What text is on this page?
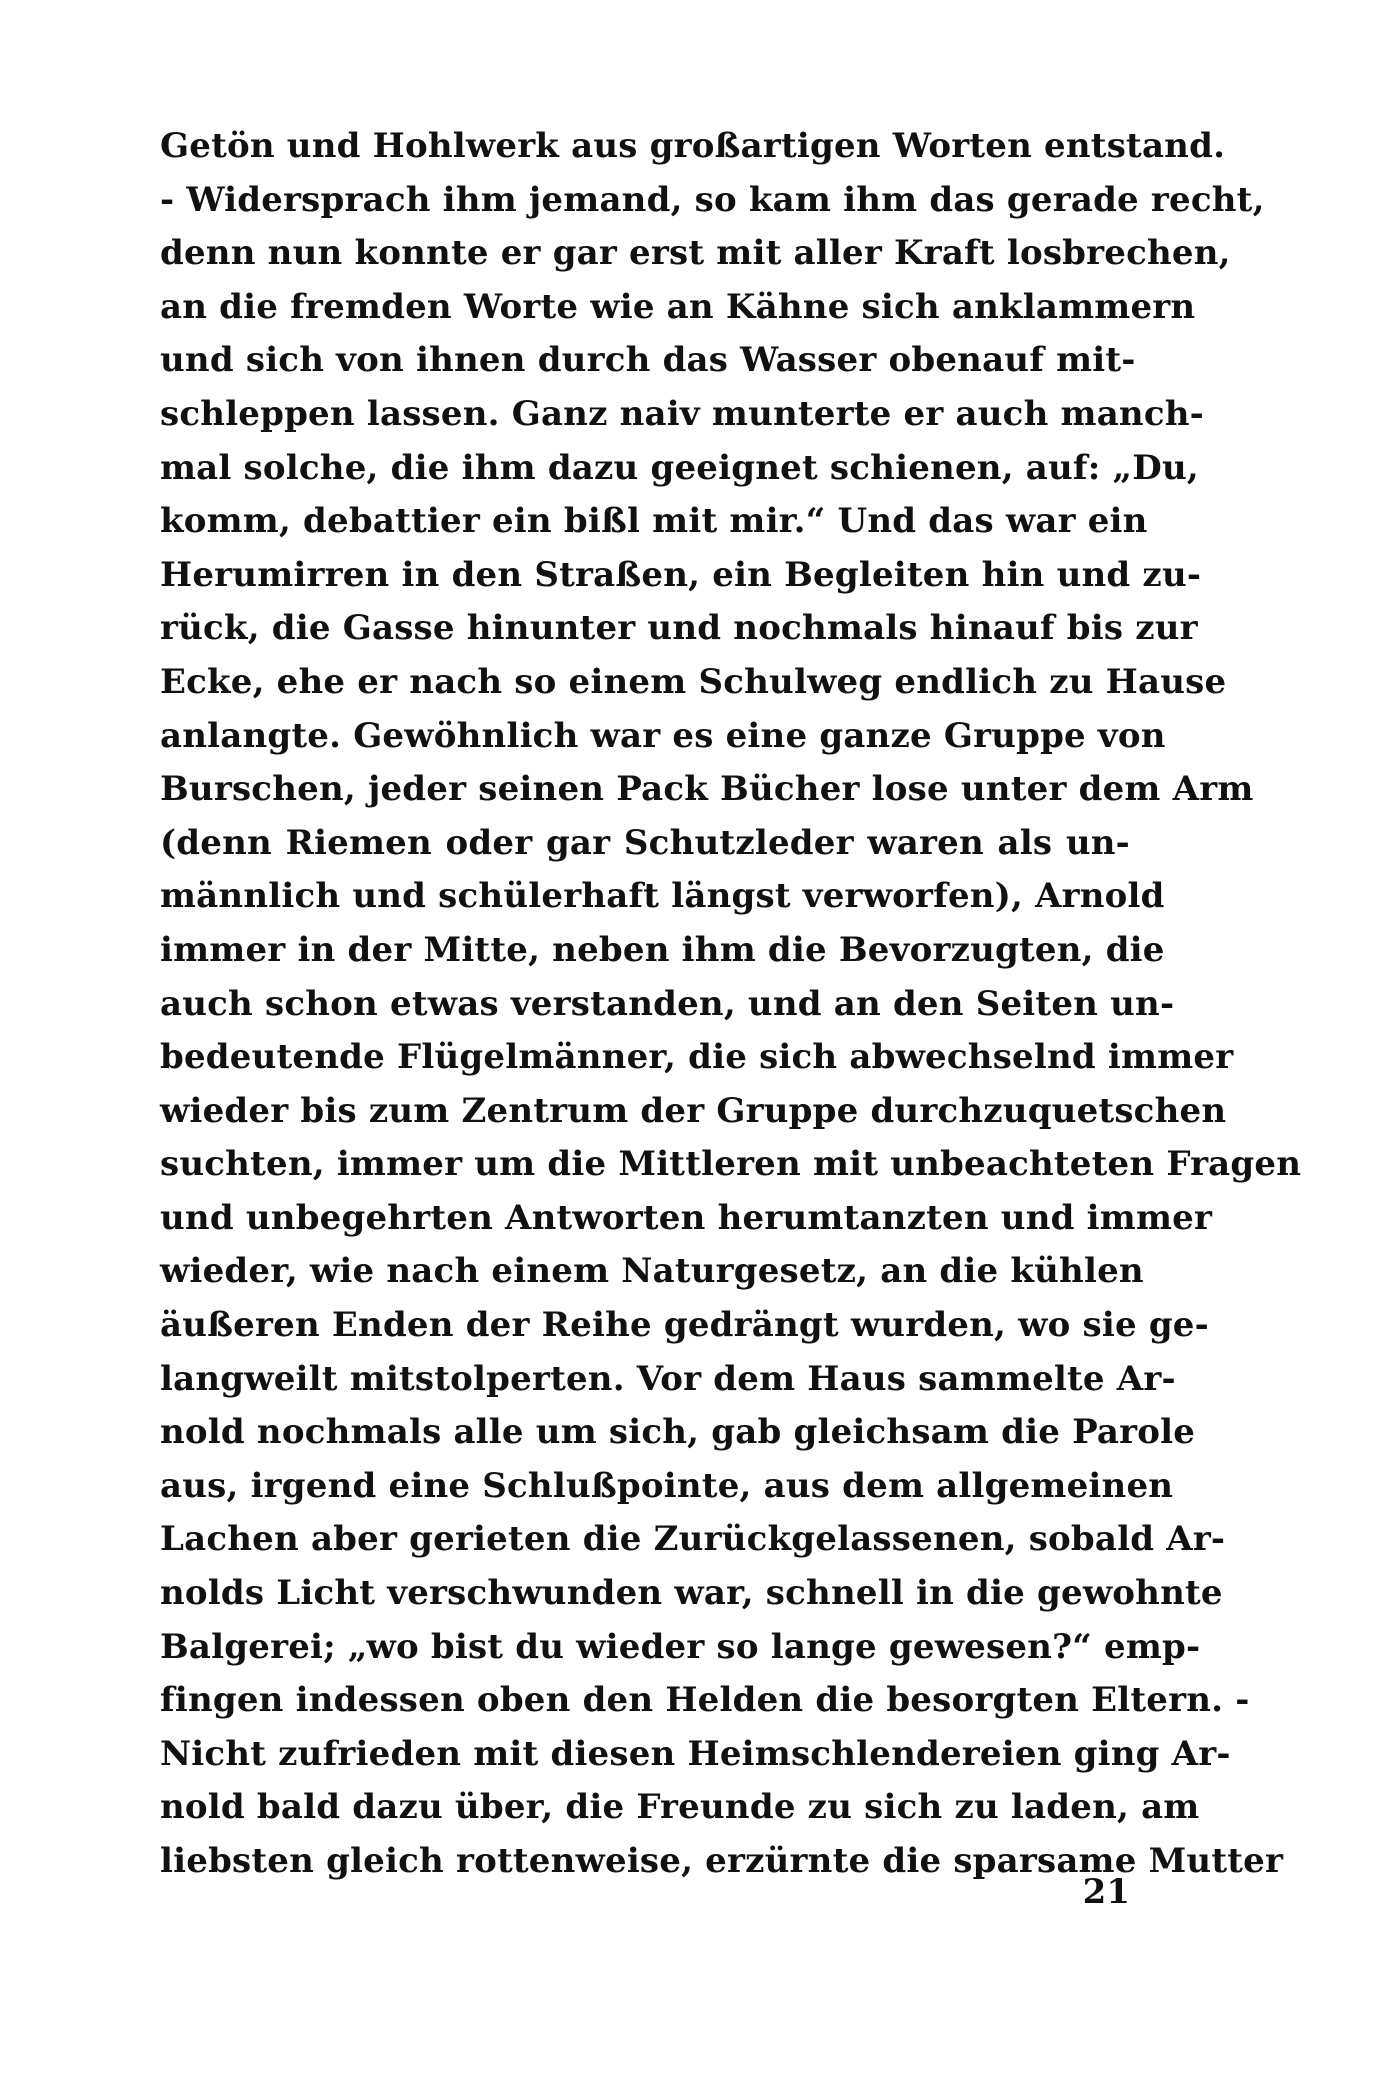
Getön und Hohlwerk aus großartigen Worten entstand.
- Widersprach ihm jemand, so kam ihm das gerade recht,
denn nun konnte er gar erst mit aller Kraft losbrechen,
an die fremden Worte wie an Kähne sich anklammern
und sich von ihnen durch das Wasser obenauf mit-
schleppen lassen. Ganz naiv munterte er auch manch-
mal solche, die ihm dazu geeignet schienen, auf: „Du,
komm, debattier ein bißl mit mir.“ Und das war ein
Herumirren in den Straßen, ein Begleiten hin und zu-
rück, die Gasse hinunter und nochmals hinauf bis zur
Ecke, ehe er nach so einem Schulweg endlich zu Hause
anlangte. Gewöhnlich war es eine ganze Gruppe von
Burschen, jeder seinen Pack Bücher lose unter dem Arm
(denn Riemen oder gar Schutzleder waren als un-
männlich und schülerhaft längst verworfen), Arnold
immer in der Mitte, neben ihm die Bevorzugten, die
auch schon etwas verstanden, und an den Seiten un-
bedeutende Flügelmänner, die sich abwechselnd immer
wieder bis zum Zentrum der Gruppe durchzuquetschen
suchten, immer um die Mittleren mit unbeachteten Fragen
und unbegehrten Antworten herumtanzten und immer
wieder, wie nach einem Naturgesetz, an die kühlen
äußeren Enden der Reihe gedrängt wurden, wo sie ge-
langweilt mitstolperten. Vor dem Haus sammelte Ar-
nold nochmals alle um sich, gab gleichsam die Parole
aus, irgend eine Schlußpointe, aus dem allgemeinen
Lachen aber gerieten die Zurückgelassenen, sobald Ar-
nolds Licht verschwunden war, schnell in die gewohnte
Balgerei; „wo bist du wieder so lange gewesen?“ emp-
fingen indessen oben den Helden die besorgten Eltern. -
Nicht zufrieden mit diesen Heimschlendereien ging Ar-
nold bald dazu über, die Freunde zu sich zu laden, am
liebsten gleich rottenweise, erzürnte die sparsame Mutter
21
